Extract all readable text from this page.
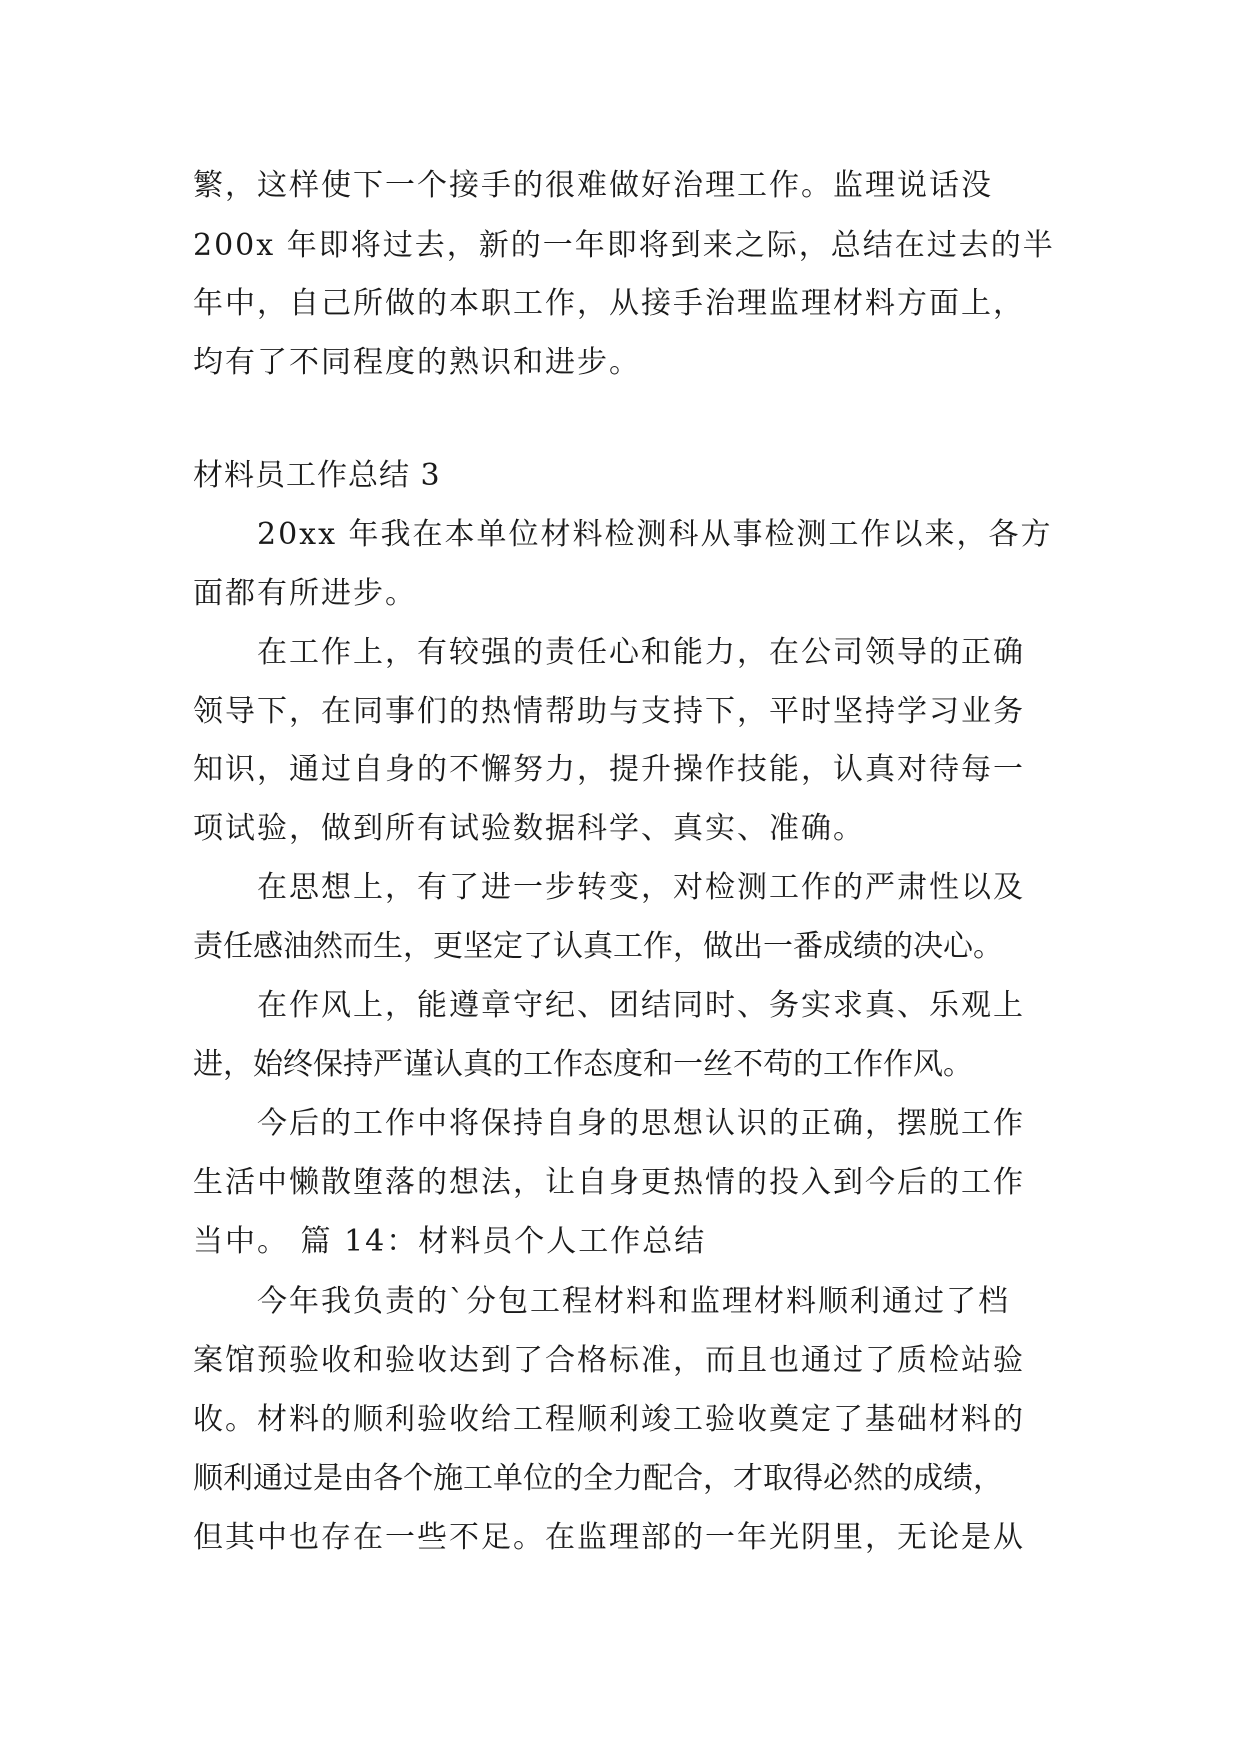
繁，这样使下一个接手的很难做好治理工作。监理说话没
200x 年即将过去，新的一年即将到来之际，总结在过去的半
年中，自己所做的本职工作，从接手治理监理材料方面上，
均有了不同程度的熟识和进步。
材料员工作总结 3
20xx 年我在本单位材料检测科从事检测工作以来，各方
面都有所进步。
在工作上，有较强的责任心和能力，在公司领导的正确
领导下，在同事们的热情帮助与支持下，平时坚持学习业务
知识，通过自身的不懈努力，提升操作技能，认真对待每一
项试验，做到所有试验数据科学、真实、准确。
在思想上，有了进一步转变，对检测工作的严肃性以及
责任感油然而生，更坚定了认真工作，做出一番成绩的决心。
在作风上，能遵章守纪、团结同时、务实求真、乐观上
进，始终保持严谨认真的工作态度和一丝不苟的工作作风。
今后的工作中将保持自身的思想认识的正确，摆脱工作
生活中懒散堕落的想法，让自身更热情的投入到今后的工作
当中。 篇 14：材料员个人工作总结
今年我负责的`分包工程材料和监理材料顺利通过了档
案馆预验收和验收达到了合格标准，而且也通过了质检站验
收。材料的顺利验收给工程顺利竣工验收奠定了基础材料的
顺利通过是由各个施工单位的全力配合，才取得必然的成绩，
但其中也存在一些不足。在监理部的一年光阴里，无论是从
